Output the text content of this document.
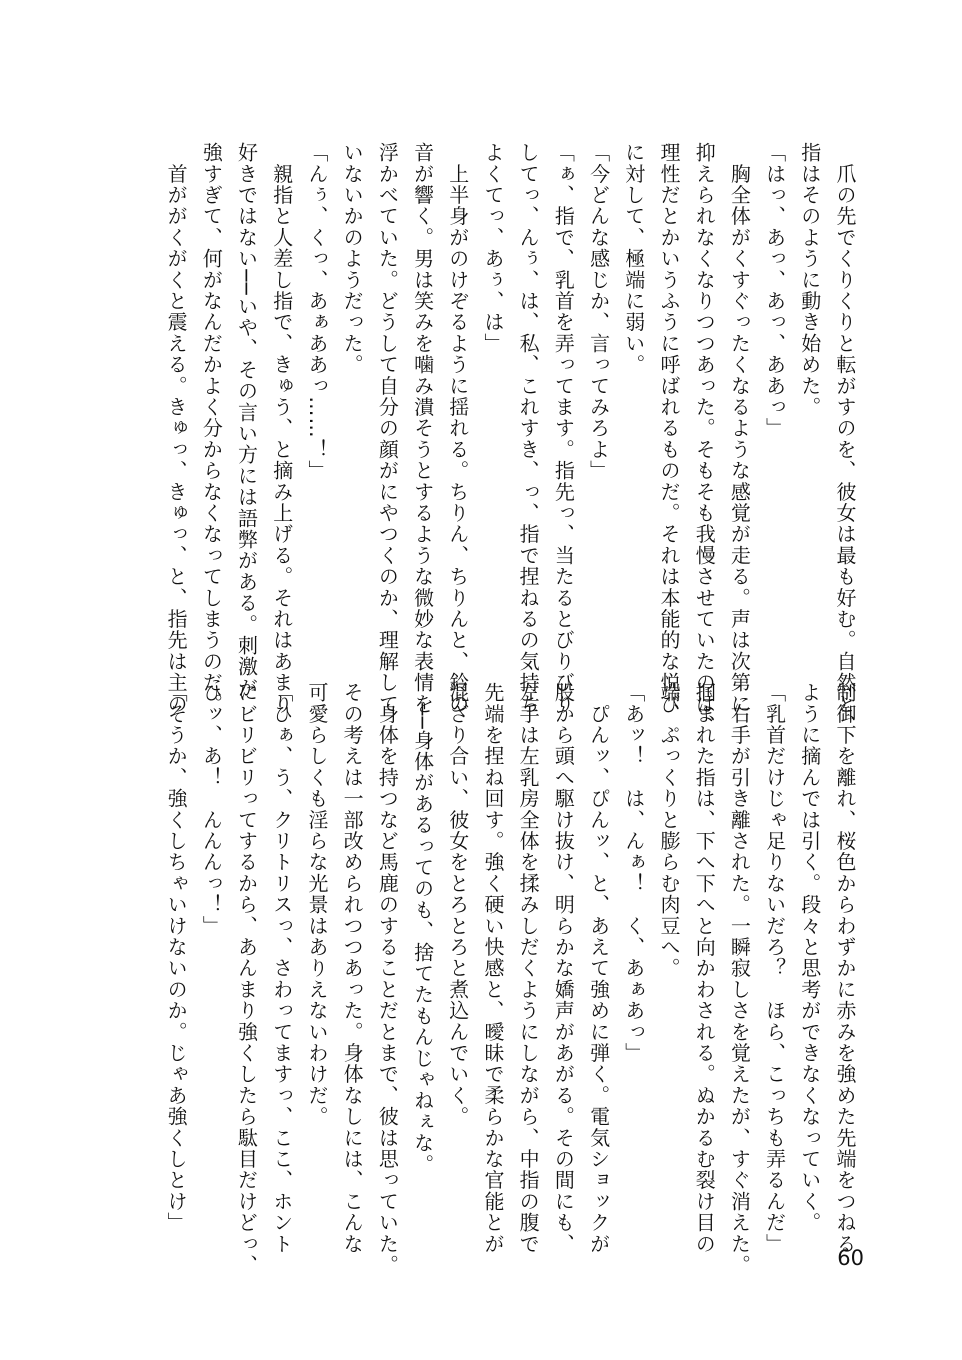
　爪の先でくりくりと転がすのを、彼女は最も好む。自然と、
指はそのように動き始めた。
「はっ、あっ、あっ、ああっ」
　胸全体がくすぐったくなるような感覚が走る。声は次第に
抑えられなくなりつつあった。そもそも我慢させていたのは、
理性だとかいうふうに呼ばれるものだ。それは本能的な悦び
に対して、極端に弱い。
「今どんな感じか、言ってみろよ」
「ぁ、指で、乳首を弄ってます。指先っ、当たるとびりびり
してっ、んぅ、は、私、これすき、っ、指で捏ねるの気持ち
よくてっ、あぅ、は」
　上半身がのけぞるように揺れる。ちりん、ちりんと、鈴の
音が響く。男は笑みを噛み潰そうとするような微妙な表情を
浮かべていた。どうして自分の顔がにやつくのか、理解して
いないかのようだった。
「んぅ、くっ、あぁああっ……！」
　親指と人差し指で、きゅう、と摘み上げる。それはあまり
好きではない──いや、その言い方には語弊がある。刺激が
強すぎて、何がなんだかよく分からなくなってしまうのだ。
　首ががくがくと震える。きゅっ、きゅっ、と、指先は主の
制御下を離れ、桜色からわずかに赤みを強めた先端をつねる
ように摘んでは引く。段々と思考ができなくなっていく。
「乳首だけじゃ足りないだろ？　ほら、こっちも弄るんだ」
　右手が引き離された。一瞬寂しさを覚えたが、すぐ消えた。
掴まれた指は、下へ下へと向かわされる。ぬかるむ裂け目の
端、ぷっくりと膨らむ肉豆へ。
「あッ！　は、んぁ！　く、あぁあっ」
　ぴんッ、ぴんッ、と、あえて強めに弾く。電気ショックが
股から頭へ駆け抜け、明らかな嬌声があがる。その間にも、
左手は左乳房全体を揉みしだくようにしながら、中指の腹で
先端を捏ね回す。強く硬い快感と、曖昧で柔らかな官能とが
混ざり合い、彼女をとろとろと煮込んでいく。
　──身体があるってのも、捨てたもんじゃねぇな。
　身体を持つなど馬鹿のすることだとまで、彼は思っていた。
その考えは一部改められつつあった。身体なしには、こんな
可愛らしくも淫らな光景はありえないわけだ。
「ひぁ、う、クリトリスっ、さわってますっ、ここ、ホント
にビリビリってするから、あんまり強くしたら駄目だけどっ、
ひッ、あ！　んんんっ！」
「そうか、強くしちゃいけないのか。じゃあ強くしとけ」
60
